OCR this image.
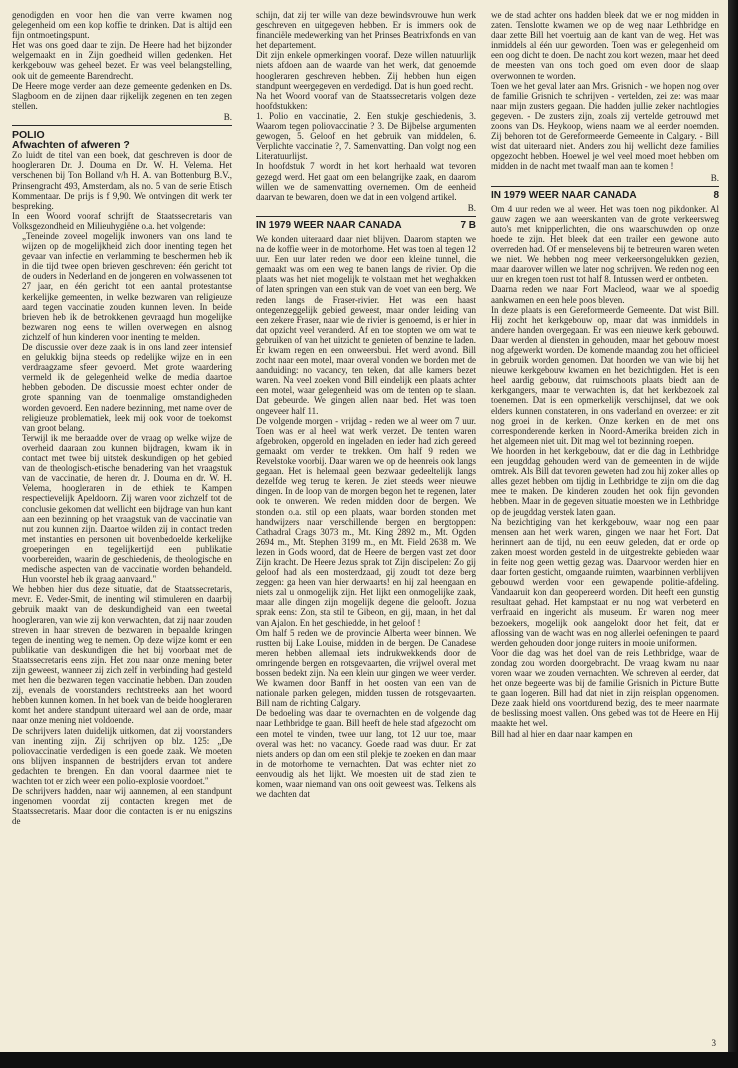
genodigden en voor hen die van verre kwamen nog gelegenheid om een kop koffie te drinken. Dat is altijd een fijn ontmoetingspunt.

Het was ons goed daar te zijn. De Heere had het bijzonder welgemaakt en in Zijn goedheid willen gedenken. Het kerkgebouw was geheel bezet. Er was veel belangstelling, ook uit de gemeente Barendrecht.

De Heere moge verder aan deze gemeente gedenken en Ds. Slagboom en de zijnen daar rijkelijk zegenen en ten zegen stellen.

B.

POLIO

Afwachten of afweren ?

Zo luidt de titel van een boek, dat geschreven is door de hoogleraren Dr. J. Douma en Dr. W. H. Velema. Het verschenen bij Ton Bolland v/h H. A. van Bottenburg B.V., Prinsengracht 493, Amsterdam, als no. 5 van de serie Etisch Kommentaar. De prijs is f 9,90. We ontvingen dit werk ter bespreking.

In een Woord vooraf schrijft de Staatssecretaris van Volksgezondheid en Milieuhygiëne o.a. het volgende:

„Teneinde zoveel mogelijk inwoners van ons land te wijzen op de mogelijkheid zich door inenting tegen het gevaar van infectie en verlamming te beschermen heb ik in die tijd twee open brieven geschreven: één gericht tot de ouders in Nederland en de jongeren en volwassenen tot 27 jaar, en één gericht tot een aantal protestantse kerkelijke gemeenten, in welke bezwaren van religieuze aard tegen vaccinatie zouden kunnen leven. In beide brieven heb ik de betrokkenen gevraagd hun mogelijke bezwaren nog eens te willen overwegen en alsnog zichzelf of hun kinderen voor inenting te melden.

De discussie over deze zaak is in ons land zeer intensief en gelukkig bijna steeds op redelijke wijze en in een verdraagzame sfeer gevoerd. Met grote waardering vermeld ik de gelegenheid welke de media daartoe hebben geboden. De discussie moest echter onder de grote spanning van de toenmalige omstandigheden worden gevoerd. Een nadere bezinning, met name over de religieuze problematiek, leek mij ook voor de toekomst van groot belang.

Terwijl ik me beraadde over de vraag op welke wijze de overheid daaraan zou kunnen bijdragen, kwam ik in contact met twee bij uitstek deskundigen op het gebied van de theologisch-etische benadering van het vraagstuk van de vaccinatie, de heren dr. J. Douma en dr. W. H. Velema, hoogleraren in de ethiek te Kampen respectievelijk Apeldoorn. Zij waren voor zichzelf tot de conclusie gekomen dat wellicht een bijdrage van hun kant aan een bezinning op het vraagstuk van de vaccinatie van nut zou kunnen zijn. Daartoe wilden zij in contact treden met instanties en personen uit bovenbedoelde kerkelijke groeperingen en tegelijkertijd een publikatie voorbereiden, waarin de geschiedenis, de theologische en medische aspecten van de vaccinatie worden behandeld. Hun voorstel heb ik graag aanvaard."

We hebben hier dus deze situatie, dat de Staatssecretaris, mevr. E. Veder-Smit, de inenting wil stimuleren en daarbij gebruik maakt van de deskundigheid van een tweetal hoogleraren, van wie zij kon verwachten, dat zij naar zouden streven in haar streven de bezwaren in bepaalde kringen tegen de inenting weg te nemen. Op deze wijze komt er een publikatie van deskundigen die het bij voorbaat met de Staatssecretaris eens zijn. Het zou naar onze mening beter zijn geweest, wanneer zij zich zelf in verbinding had gesteld met hen die bezwaren tegen vaccinatie hebben. Dan zouden zij, evenals de voorstanders rechtstreeks aan het woord hebben kunnen komen. In het boek van de beide hoogleraren komt het andere standpunt uiteraard wel aan de orde, maar naar onze mening niet voldoende.

De schrijvers laten duidelijk uitkomen, dat zij voorstanders van inenting zijn. Zij schrijven op blz. 125: „De poliovaccinatie verdedigen is een goede zaak. We moeten ons blijven inspannen de bestrijders ervan tot andere gedachten te brengen. En dan vooral daarmee niet te wachten tot er zich weer een polio-explosie voordoet."

De schrijvers hadden, naar wij aannemen, al een standpunt ingenomen voordat zij contacten kregen met de Staatssecretaris. Maar door die contacten is er nu enigszins de

schijn, dat zij ter wille van deze bewindsvrouwe hun werk geschreven en uitgegeven hebben. Er is immers ook de financiële medewerking van het Prinses Beatrixfonds en van het departement.

Dit zijn enkele opmerkingen vooraf. Deze willen natuurlijk niets afdoen aan de waarde van het werk, dat genoemde hoogleraren geschreven hebben. Zij hebben hun eigen standpunt weergegeven en verdedigd. Dat is hun goed recht.

Na het Woord vooraf van de Staatssecretaris volgen deze hoofdstukken:

1. Polio en vaccinatie, 2. Een stukje geschiedenis, 3. Waarom tegen poliovaccinatie ? 3. De Bijbelse argumenten gewogen, 5. Geloof en het gebruik van middelen, 6. Verplichte vaccinatie ?, 7. Samenvatting. Dan volgt nog een Literatuurlijst.

In hoofdstuk 7 wordt in het kort herhaald wat tevoren gezegd werd. Het gaat om een belangrijke zaak, en daarom willen we de samenvatting overnemen. Om de eenheid daarvan te bewaren, doen we dat in een volgend artikel.

B.

IN 1979 WEER NAAR CANADA	7 B

We konden uiteraard daar niet blijven. Daarom stapten we na de koffie weer in de motorhome. Het was toen al tegen 12 uur. Een uur later reden we door een kleine tunnel, die gemaakt was om een weg te banen langs de rivier. Op die plaats was het niet mogelijk te volstaan met het weghakken of laten springen van een stuk van de voet van een berg. We reden langs de Fraser-rivier. Het was een haast ontegenzeggelijk gebied geweest, maar onder leiding van een zekere Fraser, naar wie de rivier is genoemd, is er hier in dat opzicht veel veranderd. Af en toe stopten we om wat te gebruiken of van het uitzicht te genieten of benzine te laden. Er kwam regen en een onweersbui. Het werd avond. Bill zocht naar een motel, maar overal vonden we borden met de aanduiding: no vacancy, ten teken, dat alle kamers bezet waren. Na veel zoeken vond Bill eindelijk een plaats achter een motel, waar gelegenheid was om de tenten op te slaan. Dat gebeurde. We gingen allen naar bed. Het was toen ongeveer half 11.

De volgende morgen - vrijdag - reden we al weer om 7 uur. Toen was er al heel wat werk verzet. De tenten waren afgebroken, opgerold en ingeladen en ieder had zich gereed gemaakt om verder te trekken. Om half 9 reden we Revelstoke voorbij. Daar waren we op de heenreis ook langs gegaan. Het is helemaal geen bezwaar gedeeltelijk langs dezelfde weg terug te keren. Je ziet steeds weer nieuwe dingen. In de loop van de morgen begon het te regenen, later ook te onweren. We reden midden door de bergen. We stonden o.a. stil op een plaats, waar borden stonden met handwijzers naar verschillende bergen en bergtoppen: Cathadral Crags 3073 m., Mt. King 2892 m., Mt. Ogden 2694 m., Mt. Stephen 3199 m., en Mt. Field 2638 m. We lezen in Gods woord, dat de Heere de bergen vast zet door Zijn kracht. De Heere Jezus sprak tot Zijn discipelen: Zo gij geloof had als een mosterdzaad, gij zoudt tot deze berg zeggen: ga heen van hier derwaarts! en hij zal heengaan en niets zal u onmogelijk zijn. Het lijkt een onmogelijke zaak, maar alle dingen zijn mogelijk degene die gelooft. Jozua sprak eens: Zon, sta stil te Gibeon, en gij, maan, in het dal van Ajalon. En het geschiedde, in het geloof !

Om half 5 reden we de provincie Alberta weer binnen. We rustten bij Lake Louise, midden in de bergen. De Canadese meren hebben allemaal iets indrukwekkends door de omringende bergen en rotsgevaarten, die vrijwel overal met bossen bedekt zijn. Na een klein uur gingen we weer verder. We kwamen door Banff in het oosten van een van de nationale parken gelegen, midden tussen de rotsgevaarten. Bill nam de richting Calgary.

De bedoeling was daar te overnachten en de volgende dag naar Lethbridge te gaan. Bill heeft de hele stad afgezocht om een motel te vinden, twee uur lang, tot 12 uur toe, maar overal was het: no vacancy. Goede raad was duur. Er zat niets anders op dan om een stil plekje te zoeken en dan maar in de motorhome te vernachten. Dat was echter niet zo eenvoudig als het lijkt. We moesten uit de stad zien te komen, waar niemand van ons ooit geweest was. Telkens als we dachten dat

we de stad achter ons hadden bleek dat we er nog midden in zaten. Tenslotte kwamen we op de weg naar Lethbridge en daar zette Bill het voertuig aan de kant van de weg. Het was inmiddels al één uur geworden. Toen was er gelegenheid om een oog dicht te doen. De nacht zou kort wezen, maar het deed de meesten van ons toch goed om even door de slaap overwonnen te worden.

Toen we het geval later aan Mrs. Grisnich - we hopen nog over de familie Grisnich te schrijven - vertelden, zei ze: was maar naar mijn zusters gegaan. Die hadden jullie zeker nachtlogies gegeven. - De zusters zijn, zoals zij vertelde getrouwd met zoons van Ds. Heykoop, wiens naam we al eerder noemden. Zij behoren tot de Gereformeerde Gemeente in Calgary. - Bill wist dat uiteraard niet. Anders zou hij wellicht deze families opgezocht hebben. Hoewel je wel veel moed moet hebben om midden in de nacht met twaalf man aan te komen !

B.

IN 1979 WEER NAAR CANADA	8

Om 4 uur reden we al weer. Het was toen nog pikdonker. Al gauw zagen we aan weerskanten van de grote verkeersweg auto's met knipperlichten, die ons waarschuwden op onze hoede te zijn. Het bleek dat een trailer een gewone auto overreden had. Of er menselevens bij te betreuren waren weten we niet. We hebben nog meer verkeersongelukken gezien, maar daarover willen we later nog schrijven. We reden nog een uur en kregen toen rust tot half 8. Intussen werd er ontbeten.

Daarna reden we naar Fort Macleod, waar we al spoedig aankwamen en een hele poos bleven.

In deze plaats is een Gereformeerde Gemeente. Dat wist Bill. Hij zocht het kerkgebouw op, maar dat was inmiddels in andere handen overgegaan. Er was een nieuwe kerk gebouwd. Daar werden al diensten in gehouden, maar het gebouw moest nog afgewerkt worden. De komende maandag zou het officieel in gebruik worden genomen. Dat hoorden we van wie bij het nieuwe kerkgebouw kwamen en het bezichtigden. Het is een heel aardig gebouw, dat ruimschoots plaats biedt aan de kerkgangers, maar te verwachten is, dat het kerkbezoek zal toenemen. Dat is een opmerkelijk verschijnsel, dat we ook elders kunnen constateren, in ons vaderland en overzee: er zit nog groei in de kerken. Onze kerken en de met ons corresponderende kerken in Noord-Amerika breiden zich in het algemeen niet uit. Dit mag wel tot bezinning roepen.

We hoorden in het kerkgebouw, dat er die dag in Lethbridge een jeugddag gehouden werd van de gemeenten in de wijde omtrek. Als Bill dat tevoren geweten had zou hij zoker alles op alles gezet hebben om tijdig in Lethbridge te zijn om die dag mee te maken. De kinderen zouden het ook fijn gevonden hebben. Maar in de gegeven situatie moesten we in Lethbridge op de jeugddag verstek laten gaan.

Na bezichtiging van het kerkgebouw, waar nog een paar mensen aan het werk waren, gingen we naar het Fort. Dat herinnert aan de tijd, nu een eeuw geleden, dat er orde op zaken moest worden gesteld in de uitgestrekte gebieden waar in feite nog geen wettig gezag was. Daarvoor werden hier en daar forten gesticht, omgaande ruimten, waarbinnen verblijven gebouwd werden voor een gewapende politie-afdeling. Vandaaruit kon dan geopereerd worden. Dit heeft een gunstig resultaat gehad. Het kampstaat er nu nog wat verbeterd en verfraaid en ingericht als museum. Er waren nog meer bezoekers, mogelijk ook aangelokt door het feit, dat er aflossing van de wacht was en nog allerlei oefeningen te paard werden gehouden door jonge ruiters in mooie uniformen.

Voor die dag was het doel van de reis Lethbridge, waar de zondag zou worden doorgebracht. De vraag kwam nu naar voren waar we zouden vernachten. We schreven al eerder, dat het onze begeerte was bij de familie Grisnich in Picture Butte te gaan logeren. Bill had dat niet in zijn reisplan opgenomen. Deze zaak hield ons voortdurend bezig, des te meer naarmate de beslissing moest vallen. Ons gebed was tot de Heere en Hij maakte het wel.

Bill had al hier en daar naar kampen en

3
